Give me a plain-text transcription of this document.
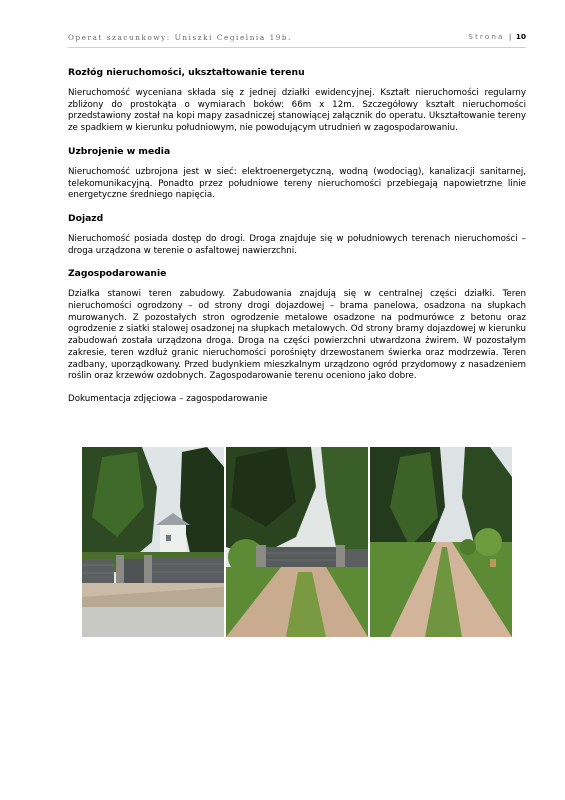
Operat szacunkowy: Uniszki Cegielnia 19b.	Strona | 10
Rozłóg nieruchomości, ukształtowanie terenu

Nieruchomość wyceniana składa się z jednej działki ewidencyjnej. Kształt nieruchomości regularny zbliżony do prostokąta o wymiarach boków: 66m x 12m. Szczegółowy kształt nieruchomości przedstawiony został na kopi mapy zasadniczej stanowiącej załącznik do operatu. Ukształtowanie tereny ze spadkiem w kierunku południowym, nie powodującym utrudnień w zagospodarowaniu.

Uzbrojenie w media

Nieruchomość uzbrojona jest w sieć: elektroenergetyczną, wodną (wodociąg), kanalizacji sanitarnej, telekomunikacyjną. Ponadto przez południowe tereny nieruchomości przebiegają napowietrzne linie energetyczne średniego napięcia.

Dojazd

Nieruchomość posiada dostęp do drogi. Droga znajduje się w południowych terenach nieruchomości – droga urządzona w terenie o asfaltowej nawierzchni.

Zagospodarowanie

Działka stanowi teren zabudowy. Zabudowania znajdują się w centralnej części działki. Teren nieruchomości ogrodzony – od strony drogi dojazdowej – brama panelowa, osadzona na słupkach murowanych. Z pozostałych stron ogrodzenie metalowe osadzone na podmurówce z betonu oraz ogrodzenie z siatki stalowej osadzonej na słupkach metalowych. Od strony bramy dojazdowej w kierunku zabudowań została urządzona droga. Droga na części powierzchni utwardzona żwirem. W pozostałym zakresie, teren wzdłuż granic nieruchomości porośnięty drzewostanem świerka oraz modrzewia. Teren zadbany, uporządkowany. Przed budynkiem mieszkalnym urządzono ogród przydomowy z nasadzeniem roślin oraz krzewów ozdobnych. Zagospodarowanie terenu oceniono jako dobre.

Dokumentacja zdjęciowa – zagospodarowanie
